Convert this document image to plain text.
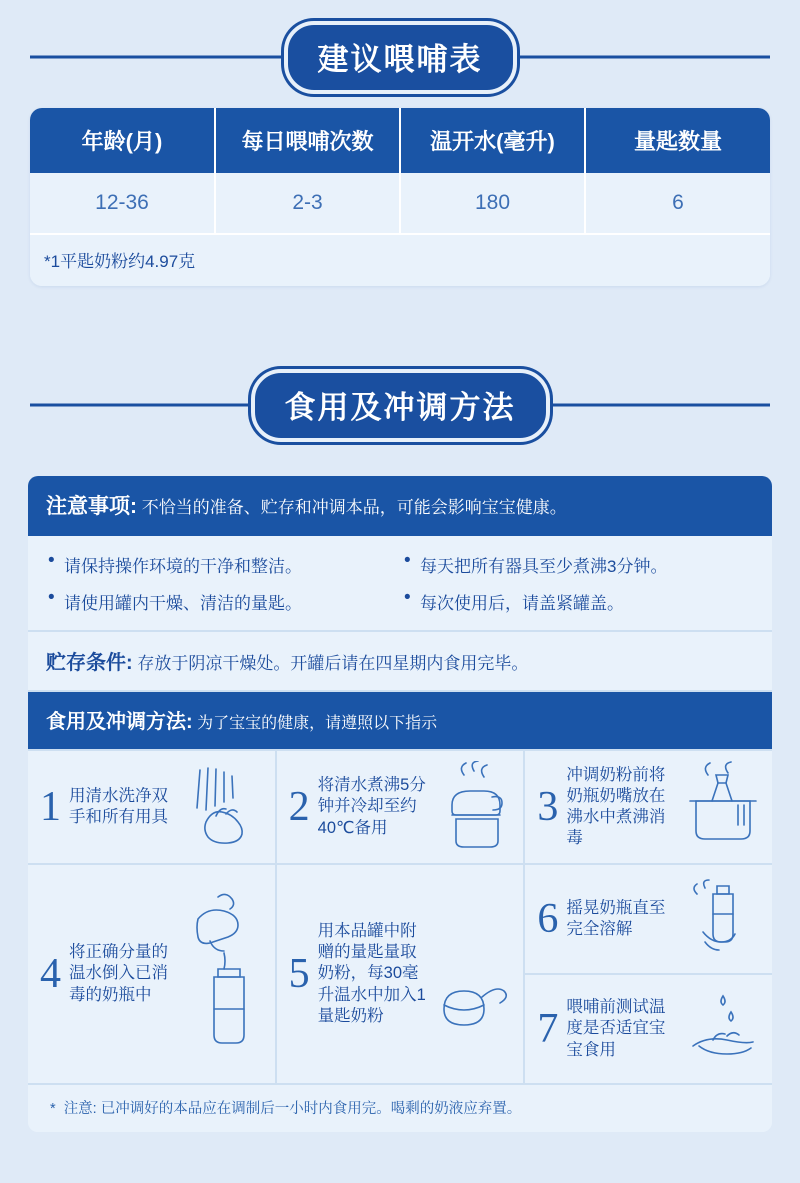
建议喂哺表
年龄(月)	每日喂哺次数	温开水(毫升)	量匙数量
12-36	2-3	180	6
*1平匙奶粉约4.97克
食用及冲调方法
注意事项: 不恰当的准备、贮存和冲调本品，可能会影响宝宝健康。
• 请保持操作环境的干净和整洁。
• 请使用罐内干燥、清洁的量匙。
• 每天把所有器具至少煮沸3分钟。
• 每次使用后，请盖紧罐盖。
贮存条件: 存放于阴凉干燥处。开罐后请在四星期内食用完毕。
食用及冲调方法: 为了宝宝的健康，请遵照以下指示
1 用清水洗净双手和所有用具	2 将清水煮沸5分钟并冷却至约40℃备用	3
冲调奶粉前将奶瓶奶嘴放在沸水中煮沸消毒
4 将正确分量的温水倒入已消毒的奶瓶中	5
用本品罐中附赠的量匙量取奶粉，每30毫升温水中加入1量匙奶粉
6 摇晃奶瓶直至完全溶解
7 喂哺前测试温度是否适宜宝宝食用
* 注意: 已冲调好的本品应在调制后一小时内食用完。喝剩的奶液应弃置。
